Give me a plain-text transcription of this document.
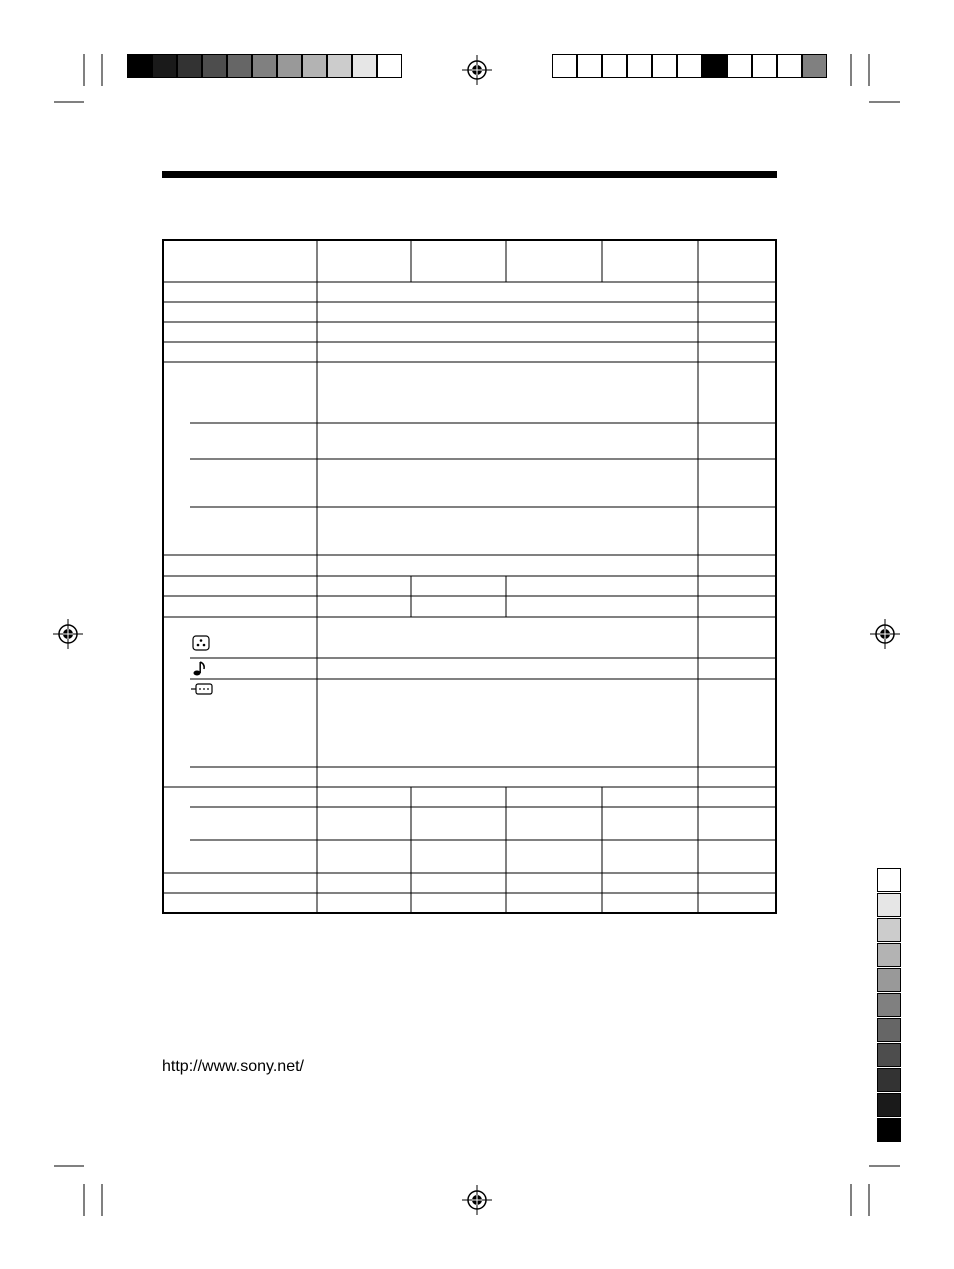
http://www.sony.net/
